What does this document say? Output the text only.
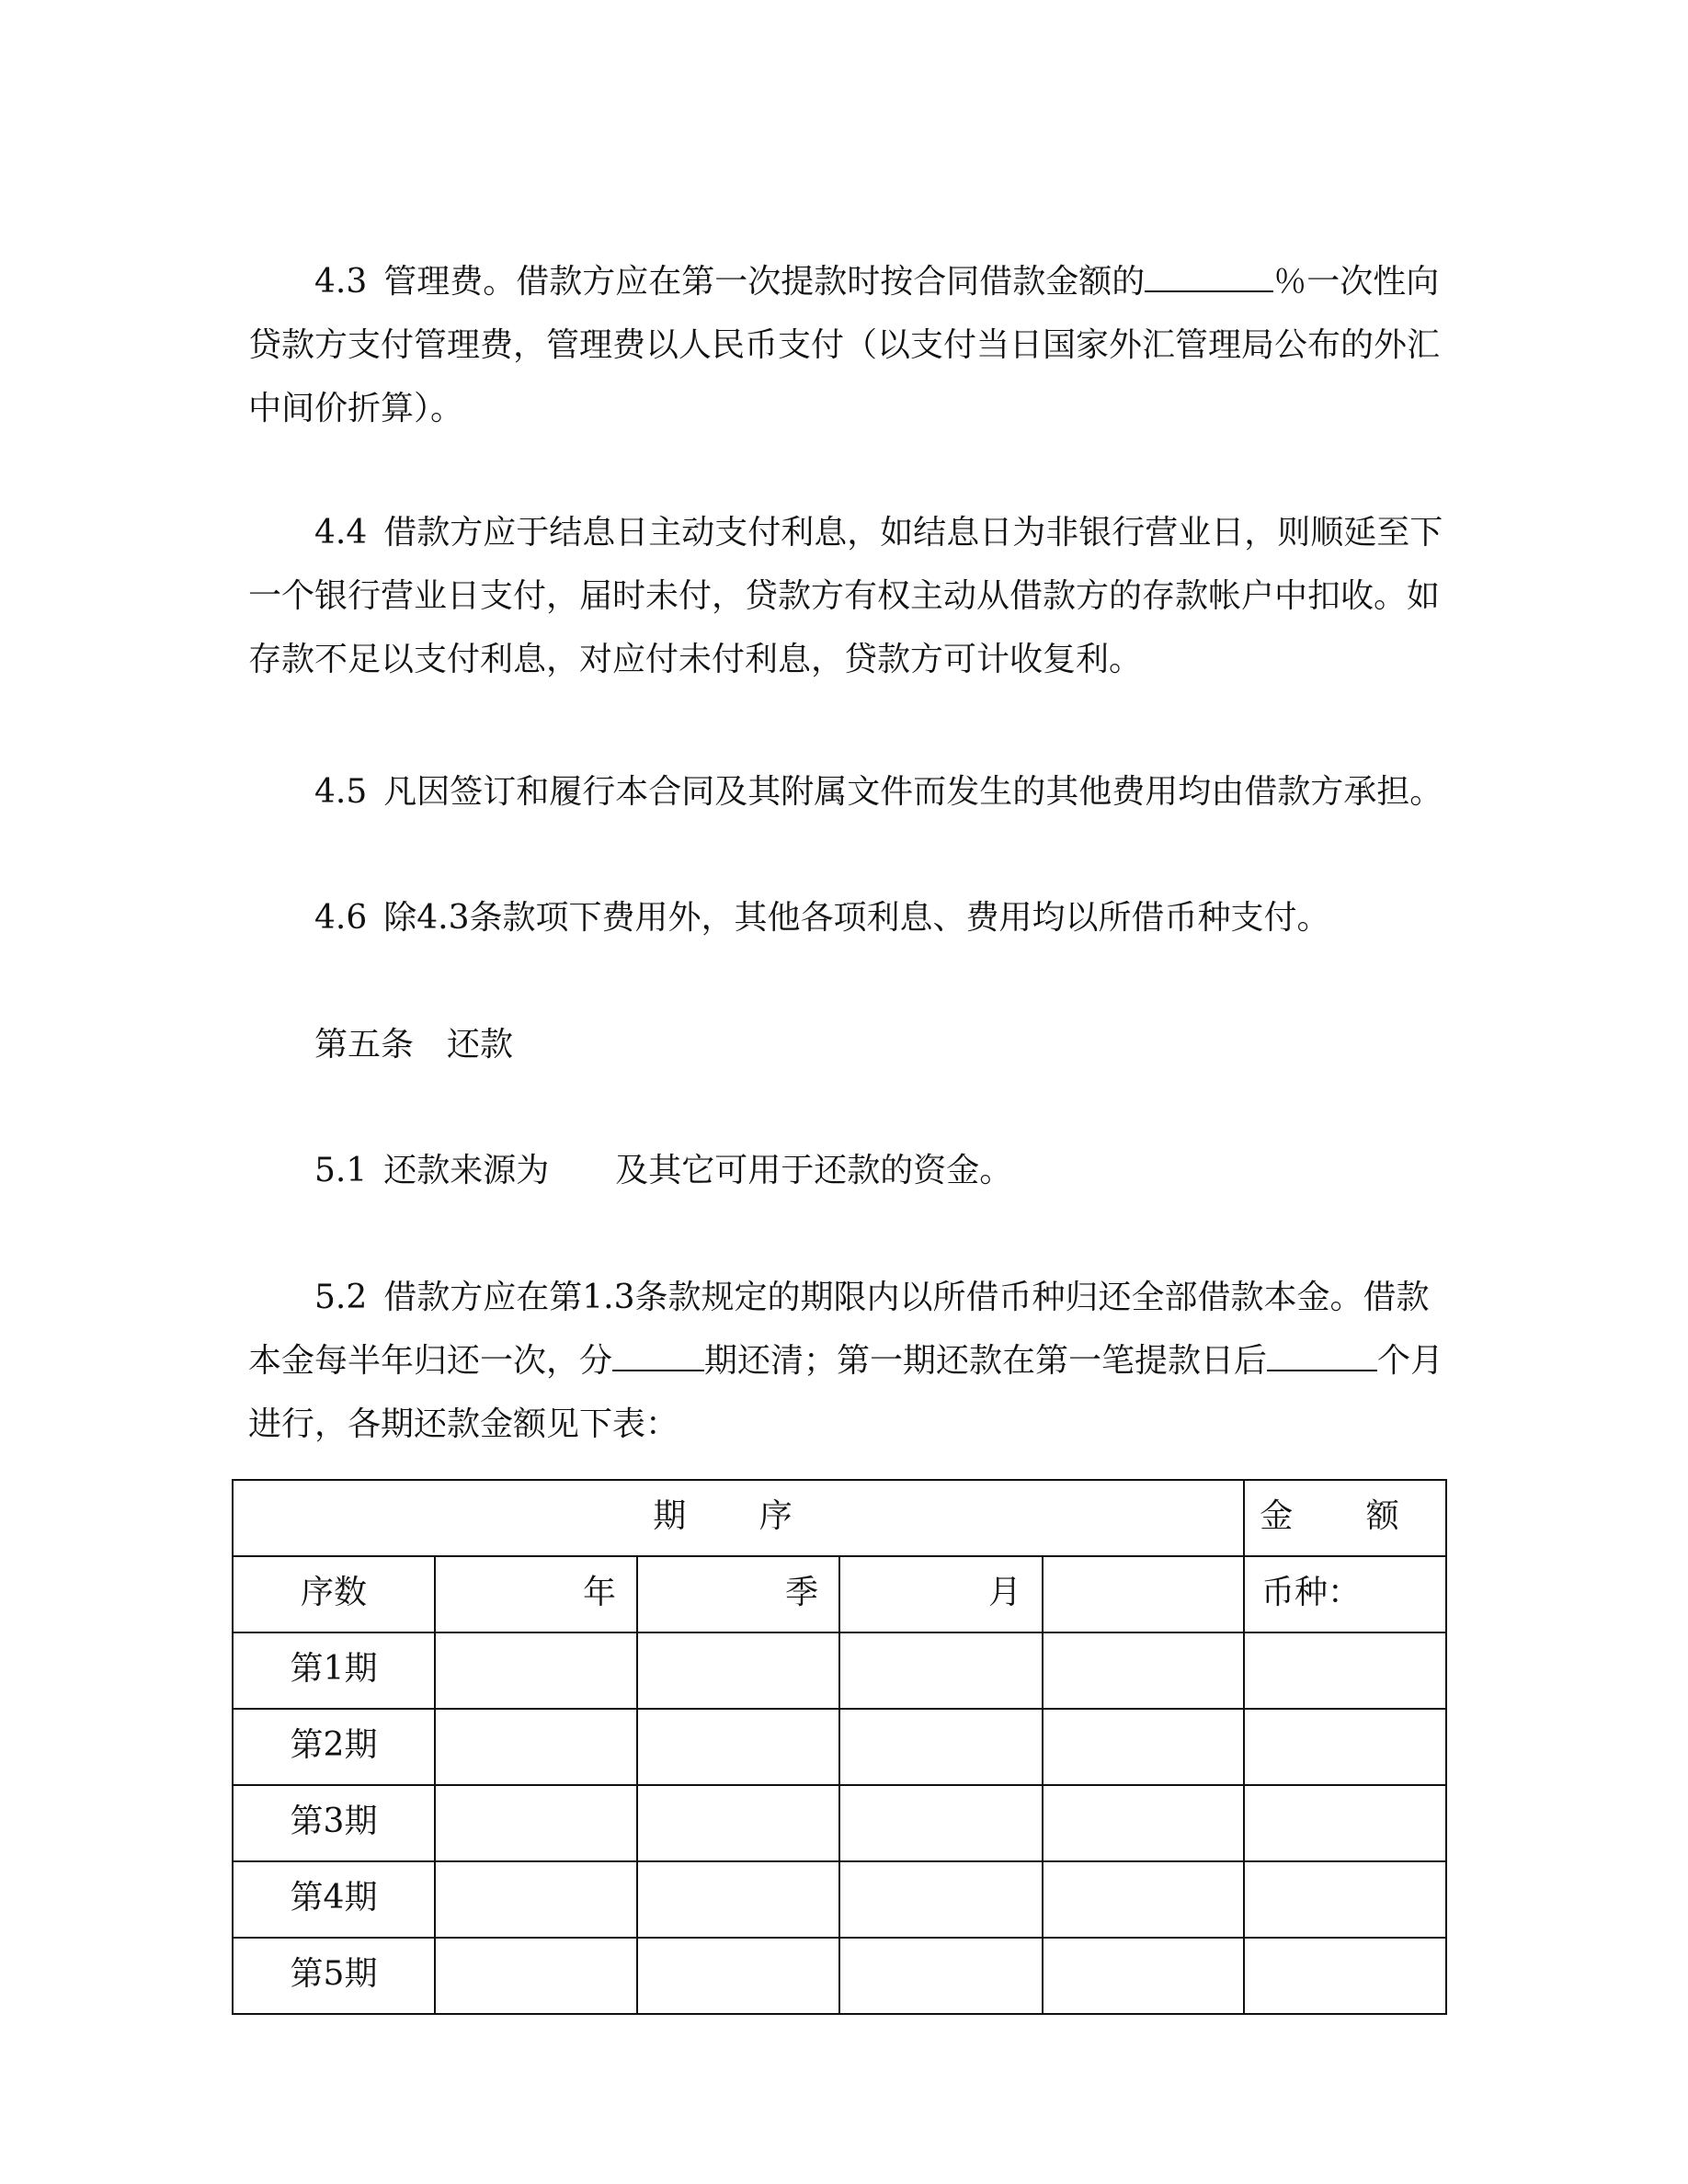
4.3 管理费。借款方应在第一次提款时按合同借款金额的	％一次性向
贷款方支付管理费，管理费以人民币支付（以支付当日国家外汇管理局公布的外汇
中间价折算）。
4.4 借款方应于结息日主动支付利息，如结息日为非银行营业日，则顺延至下
一个银行营业日支付，届时未付，贷款方有权主动从借款方的存款帐户中扣收。如
存款不足以支付利息，对应付未付利息，贷款方可计收复利。
4.5 凡因签订和履行本合同及其附属文件而发生的其他费用均由借款方承担。
4.6 除4.3条款项下费用外，其他各项利息、费用均以所借币种支付。
第五条 还款
5.1 还款来源为 及其它可用于还款的资金。
5.2 借款方应在第1.3条款规定的期限内以所借币种归还全部借款本金。借款
本金每半年归还一次，分	期还清；第一期还款在第一笔提款日后	个月
进行，各期还款金额见下表：
期 序					金 额
序数	年	季	月		币种：
第1期					
第2期					
第3期					
第4期					
第5期					
